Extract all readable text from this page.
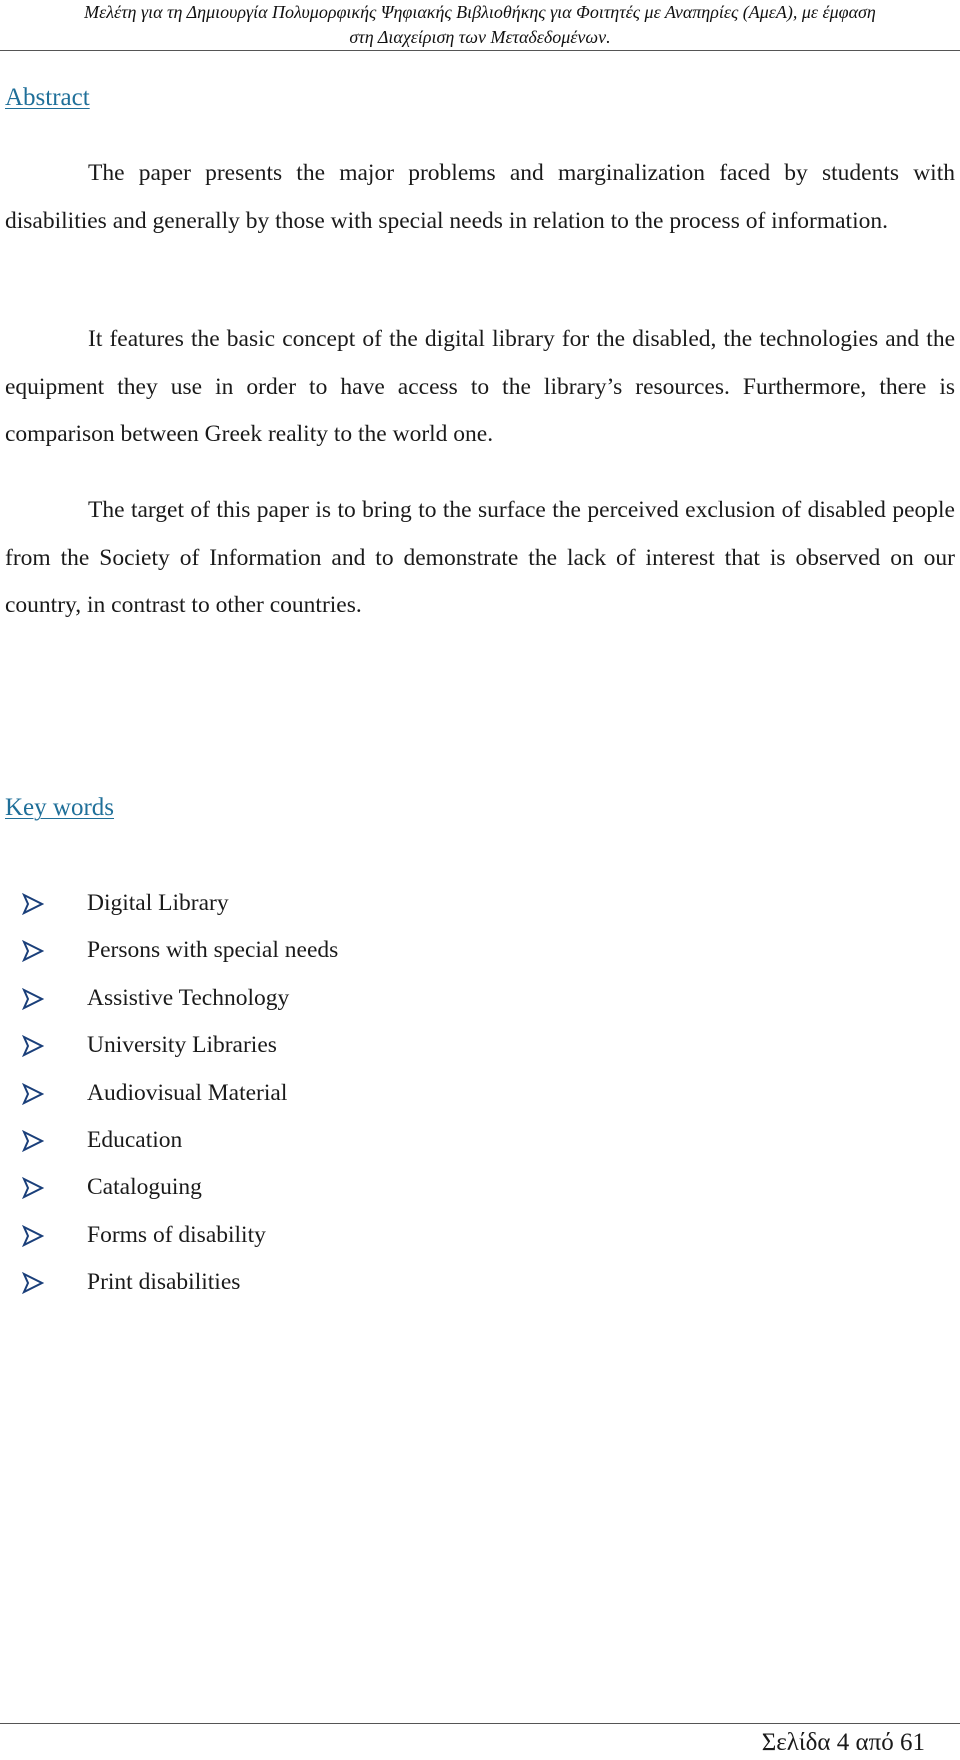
Μελέτη για τη Δημιουργία Πολυμορφικής Ψηφιακής Βιβλιοθήκης για Φοιτητές με Αναπηρίες (ΑμεΑ), με έμφαση
στη Διαχείριση των Μεταδεδομένων.
Abstract

The paper presents the major problems and marginalization faced by students with disabilities and generally by those with special needs in relation to the process of information.

It features the basic concept of the digital library for the disabled, the technologies and the equipment they use in order to have access to the library’s resources. Furthermore, there is comparison between Greek reality to the world one.

The target of this paper is to bring to the surface the perceived exclusion of disabled people from the Society of Information and to demonstrate the lack of interest that is observed on our country, in contrast to other countries.

Key words
Digital Library
Persons with special needs
Assistive Technology
University Libraries
Audiovisual Material
Education
Cataloguing
Forms of disability
Print disabilities
Σελίδα 4 από 61
